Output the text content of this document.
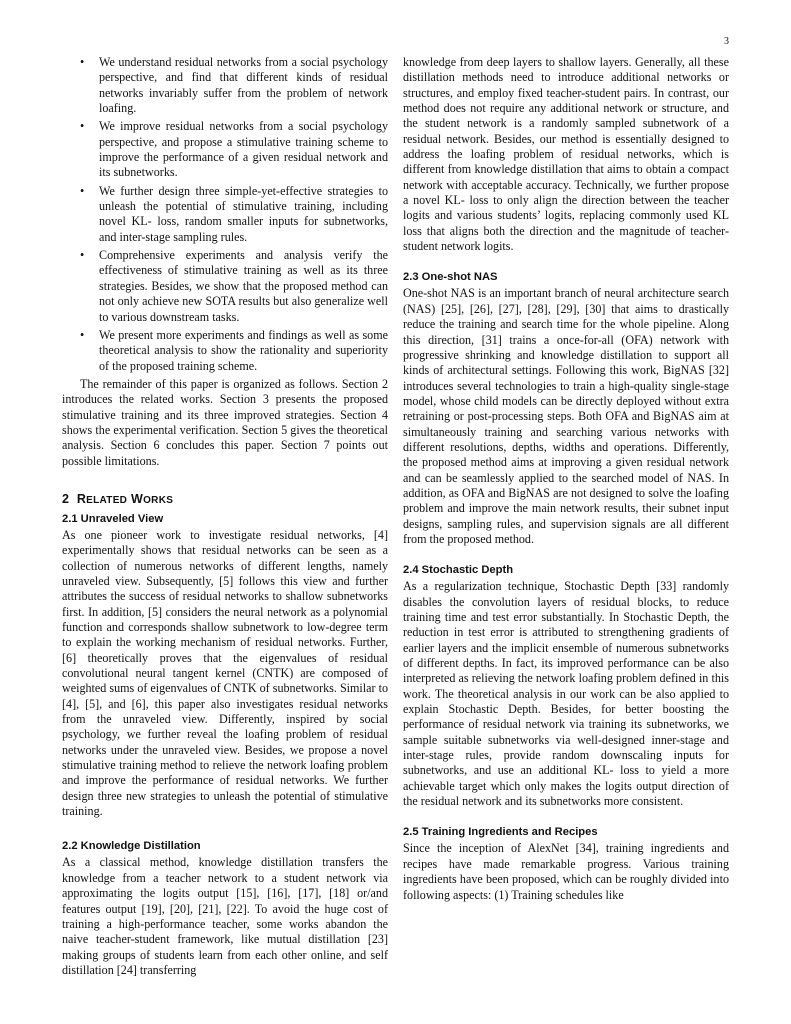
3
• We understand residual networks from a social psychology perspective, and find that different kinds of residual networks invariably suffer from the problem of network loafing.
• We improve residual networks from a social psychology perspective, and propose a stimulative training scheme to improve the performance of a given residual network and its subnetworks.
• We further design three simple-yet-effective strategies to unleash the potential of stimulative training, including novel KL- loss, random smaller inputs for subnetworks, and inter-stage sampling rules.
• Comprehensive experiments and analysis verify the effectiveness of stimulative training as well as its three strategies. Besides, we show that the proposed method can not only achieve new SOTA results but also generalize well to various downstream tasks.
• We present more experiments and findings as well as some theoretical analysis to show the rationality and superiority of the proposed training scheme.

The remainder of this paper is organized as follows. Section 2 introduces the related works. Section 3 presents the proposed stimulative training and its three improved strategies. Section 4 shows the experimental verification. Section 5 gives the theoretical analysis. Section 6 concludes this paper. Section 7 points out possible limitations.

2 RELATED WORKS
2.1 Unraveled View

As one pioneer work to investigate residual networks, [4] experimentally shows that residual networks can be seen as a collection of numerous networks of different lengths, namely unraveled view. Subsequently, [5] follows this view and further attributes the success of residual networks to shallow subnetworks first. In addition, [5] considers the neural network as a polynomial function and corresponds shallow subnetwork to low-degree term to explain the working mechanism of residual networks. Further, [6] theoretically proves that the eigenvalues of residual convolutional neural tangent kernel (CNTK) are composed of weighted sums of eigenvalues of CNTK of subnetworks. Similar to [4], [5], and [6], this paper also investigates residual networks from the unraveled view. Differently, inspired by social psychology, we further reveal the loafing problem of residual networks under the unraveled view. Besides, we propose a novel stimulative training method to relieve the network loafing problem and improve the performance of residual networks. We further design three new strategies to unleash the potential of stimulative training.

2.2 Knowledge Distillation

As a classical method, knowledge distillation transfers the knowledge from a teacher network to a student network via approximating the logits output [15], [16], [17], [18] or/and features output [19], [20], [21], [22]. To avoid the huge cost of training a high-performance teacher, some works abandon the naive teacher-student framework, like mutual distillation [23] making groups of students learn from each other online, and self distillation [24] transferring

knowledge from deep layers to shallow layers. Generally, all these distillation methods need to introduce additional networks or structures, and employ fixed teacher-student pairs. In contrast, our method does not require any additional network or structure, and the student network is a randomly sampled subnetwork of a residual network. Besides, our method is essentially designed to address the loafing problem of residual networks, which is different from knowledge distillation that aims to obtain a compact network with acceptable accuracy. Technically, we further propose a novel KL- loss to only align the direction between the teacher logits and various students’ logits, replacing commonly used KL loss that aligns both the direction and the magnitude of teacher-student network logits.

2.3 One-shot NAS

One-shot NAS is an important branch of neural architecture search (NAS) [25], [26], [27], [28], [29], [30] that aims to drastically reduce the training and search time for the whole pipeline. Along this direction, [31] trains a once-for-all (OFA) network with progressive shrinking and knowledge distillation to support all kinds of architectural settings. Following this work, BigNAS [32] introduces several technologies to train a high-quality single-stage model, whose child models can be directly deployed without extra retraining or post-processing steps. Both OFA and BigNAS aim at simultaneously training and searching various networks with different resolutions, depths, widths and operations. Differently, the proposed method aims at improving a given residual network and can be seamlessly applied to the searched model of NAS. In addition, as OFA and BigNAS are not designed to solve the loafing problem and improve the main network results, their subnet input designs, sampling rules, and supervision signals are all different from the proposed method.

2.4 Stochastic Depth

As a regularization technique, Stochastic Depth [33] randomly disables the convolution layers of residual blocks, to reduce training time and test error substantially. In Stochastic Depth, the reduction in test error is attributed to strengthening gradients of earlier layers and the implicit ensemble of numerous subnetworks of different depths. In fact, its improved performance can be also interpreted as relieving the network loafing problem defined in this work. The theoretical analysis in our work can be also applied to explain Stochastic Depth. Besides, for better boosting the performance of residual network via training its subnetworks, we sample suitable subnetworks via well-designed inner-stage and inter-stage rules, provide random downscaling inputs for subnetworks, and use an additional KL- loss to yield a more achievable target which only makes the logits output direction of the residual network and its subnetworks more consistent.

2.5 Training Ingredients and Recipes

Since the inception of AlexNet [34], training ingredients and recipes have made remarkable progress. Various training ingredients have been proposed, which can be roughly divided into following aspects: (1) Training schedules like
